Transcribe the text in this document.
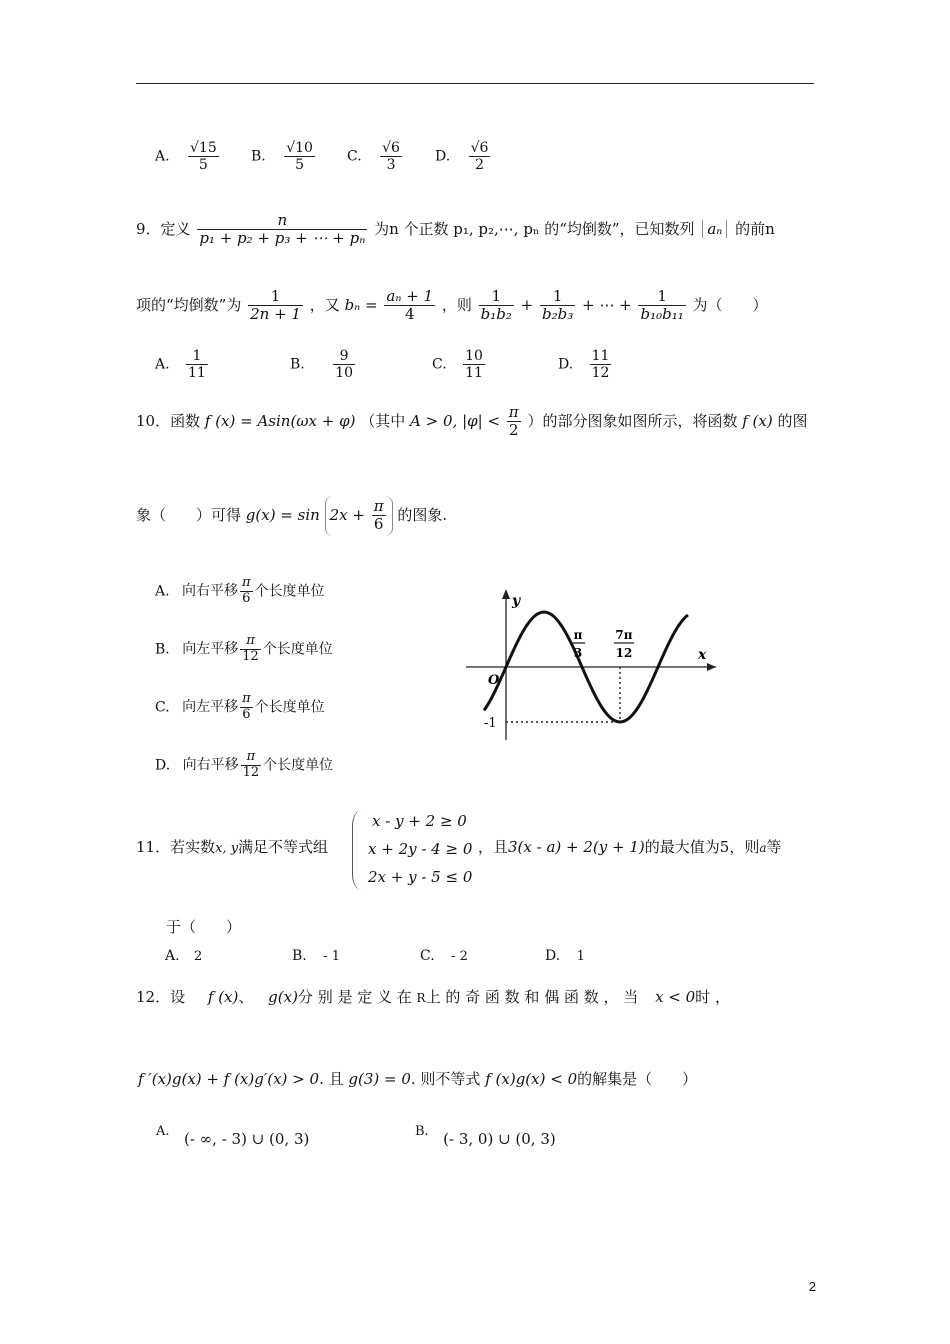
A. $\frac{√15}{5} B$. $\frac{√10}{5} C$. $\frac{√6}{3} D$. $\frac{√6}{2}$
9．定义 $\frac{n}{\text{p₁ + p₂ + p₃ + ⋯ + pₙ}}$ 为n 个正数 p₁, p₂,⋯, pₙ 的“均倒数”，已知数列 aₙ 的前n
项的“均倒数”为 $\frac{1}{2n + 1}$ ，又 $b_n = \frac{\text{aₙ + 1}}{4}$ ，则 $\frac{1}{\text{b₁b₂}} + \frac{1}{\text{b₂b₃}}$ + ⋯ + $\frac{1}{\text{b₁₀b₁₁}}$ 为（　　）
A. $\frac{1}{11}$	B. $\frac{9}{10}$	C. $\frac{10}{11}$	D. $\frac{11}{12}$
10．函数 f (x) = Asin(ωx + φ) （其中 A > 0, $|\varphi| < \frac{\pi}{2}$ ）的部分图象如图所示，将函数 f (x) 的图
象（　　）可得 $g(x) = \sin 2x + \frac{\pi}{6}$ 的图象.
A. 向右平移 $\frac{\pi}{6}$ 个长度单位
B. 向左平移 $\frac{\pi}{12}$ 个长度单位
C. 向左平移 $\frac{\pi}{6}$ 个长度单位
D. 向右平移 $\frac{\pi}{12}$ 个长度单位
y
x
O
-1
π
3
7π
12
11．若实数x, y满足不等式组
x - y + 2 ≥ 0
x + 2y - 4 ≥ 0
2x + y - 5 ≤ 0
，且3(x - a) + 2(y + 1)的最大值为5，则a等
于（　　）
A. 2	B. - 1	C. - 2	D. 1
12．设 f (x)、 g(x)分 别 是 定 义 在 R上 的 奇 函 数 和 偶 函 数 ， 当 x < 0时 ，
f ′(x)g(x) + f (x)g′(x) > 0. 且 g(3) = 0. 则不等式 f (x)g(x) < 0的解集是（　　）
A. (- ∞, - 3) ∪ (0, 3)	B. (- 3, 0) ∪ (0, 3)
2
